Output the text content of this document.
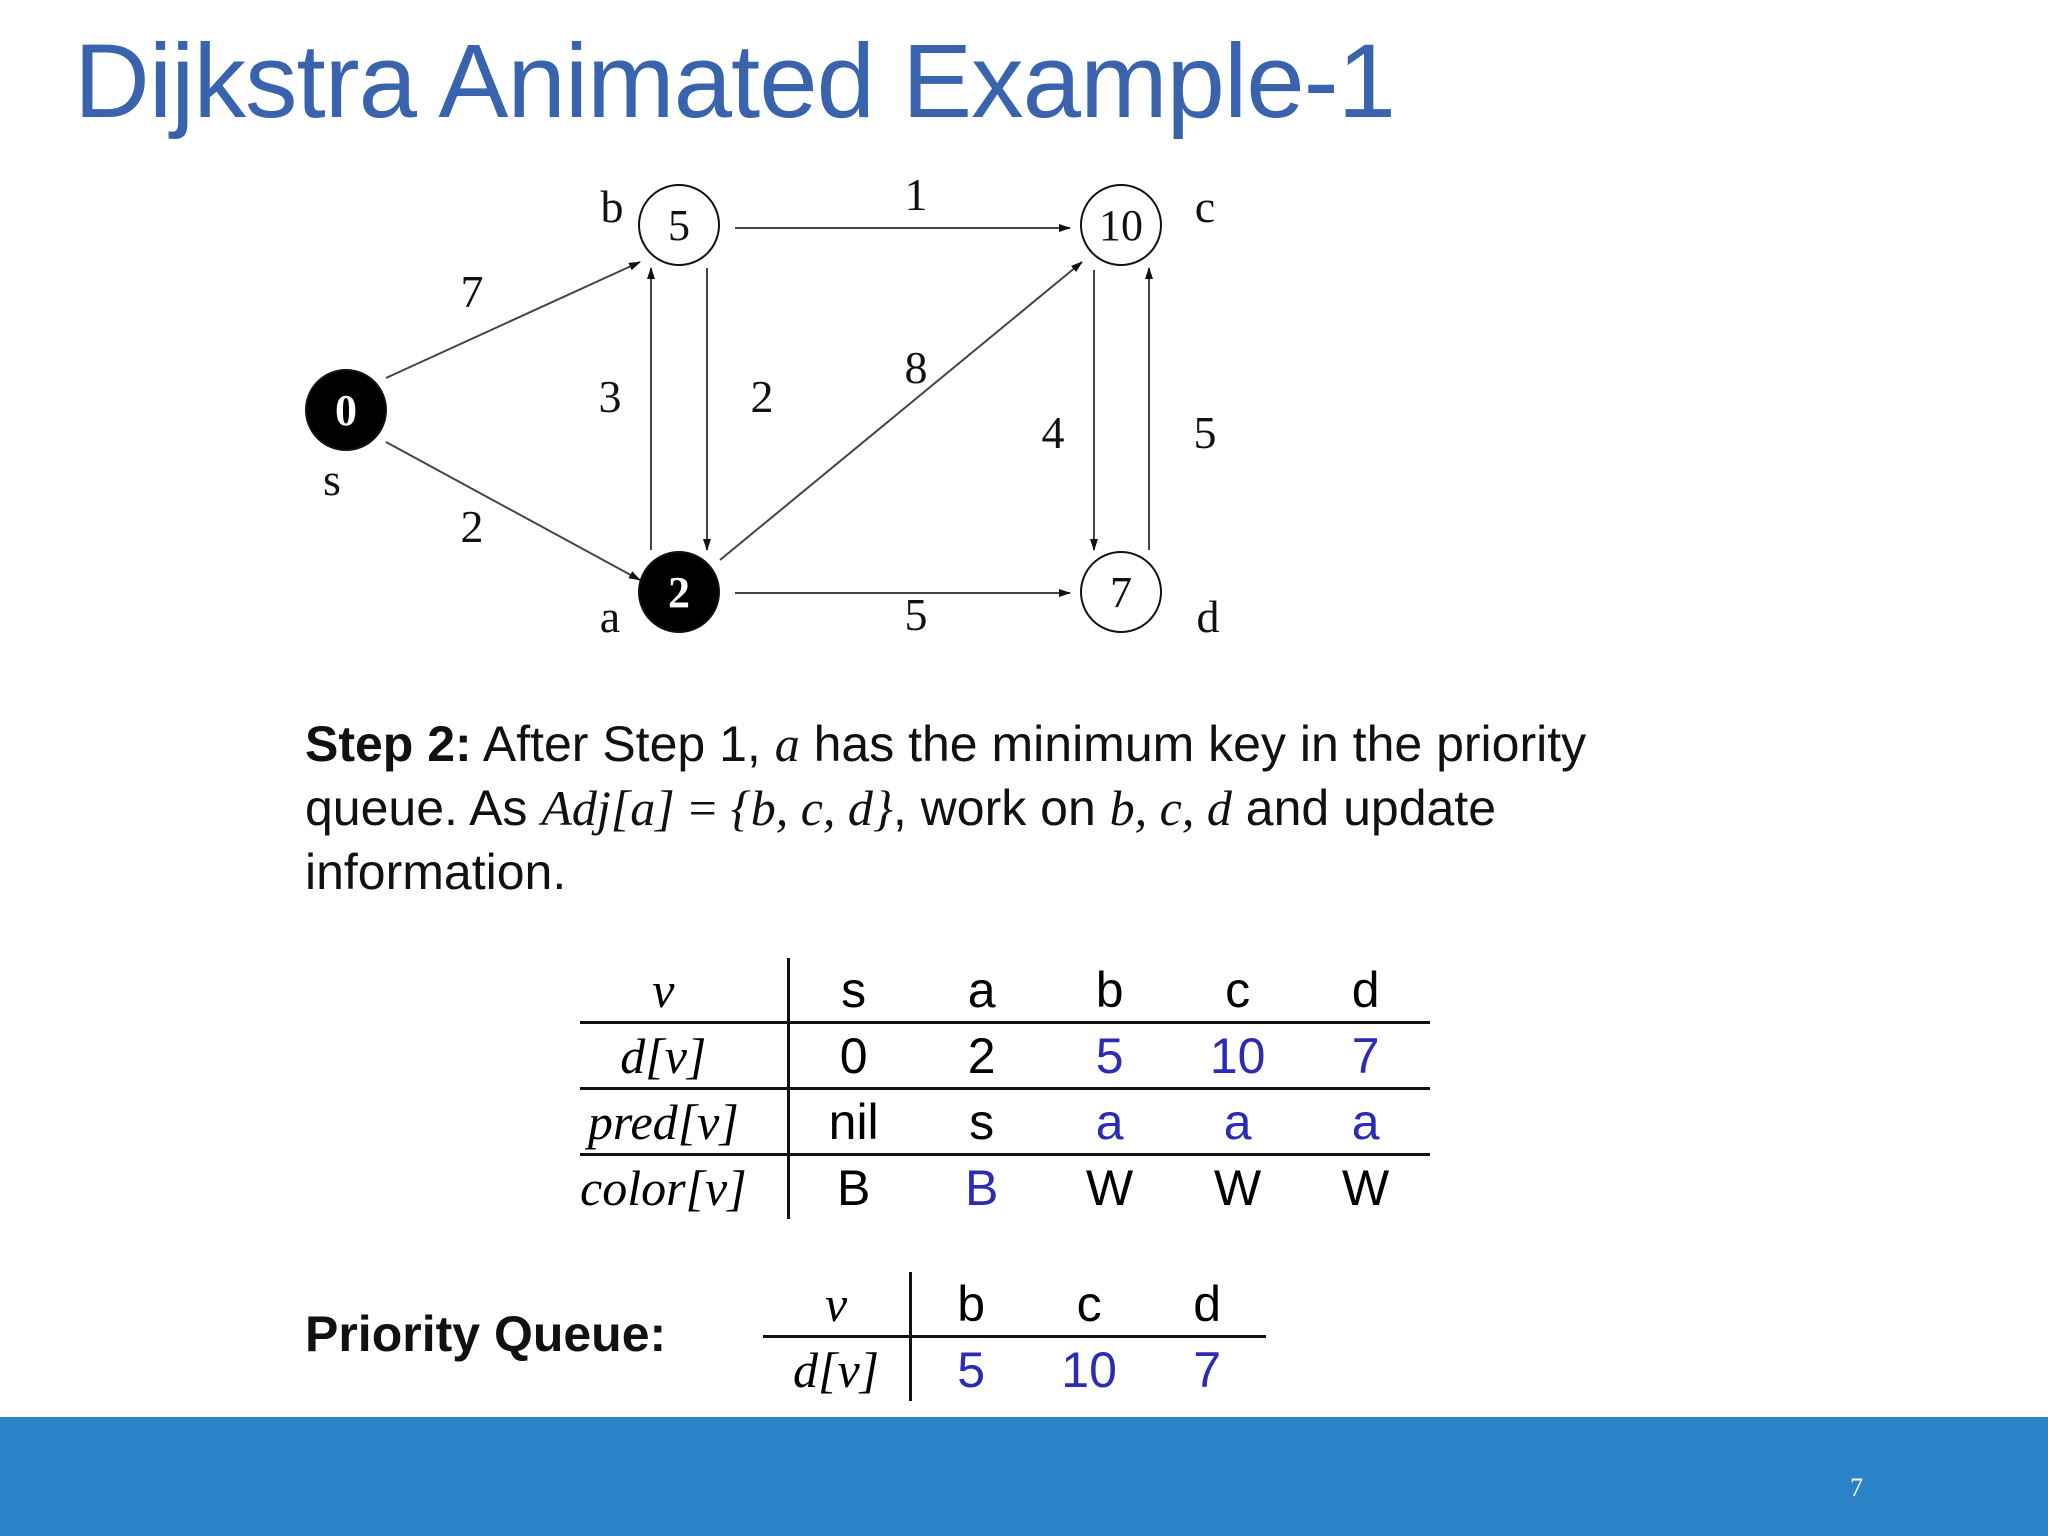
Dijkstra Animated Example-1
7
2
3	2
1
8
5
4	5
0
s
2
a
5
b	10 c
7 d
Step 2: After Step 1, a has the minimum key in the priority queue. As Adj[a] = {b, c, d}, work on b, c, d and update information.
v	s	a	b	c	d
d[v]	0	2	5	10	7
pred[v]	nil	s	a	a	a
color[v]	B	B	W	W	W
Priority Queue:
v	b	c	d
d[v]	5	10	7
7
